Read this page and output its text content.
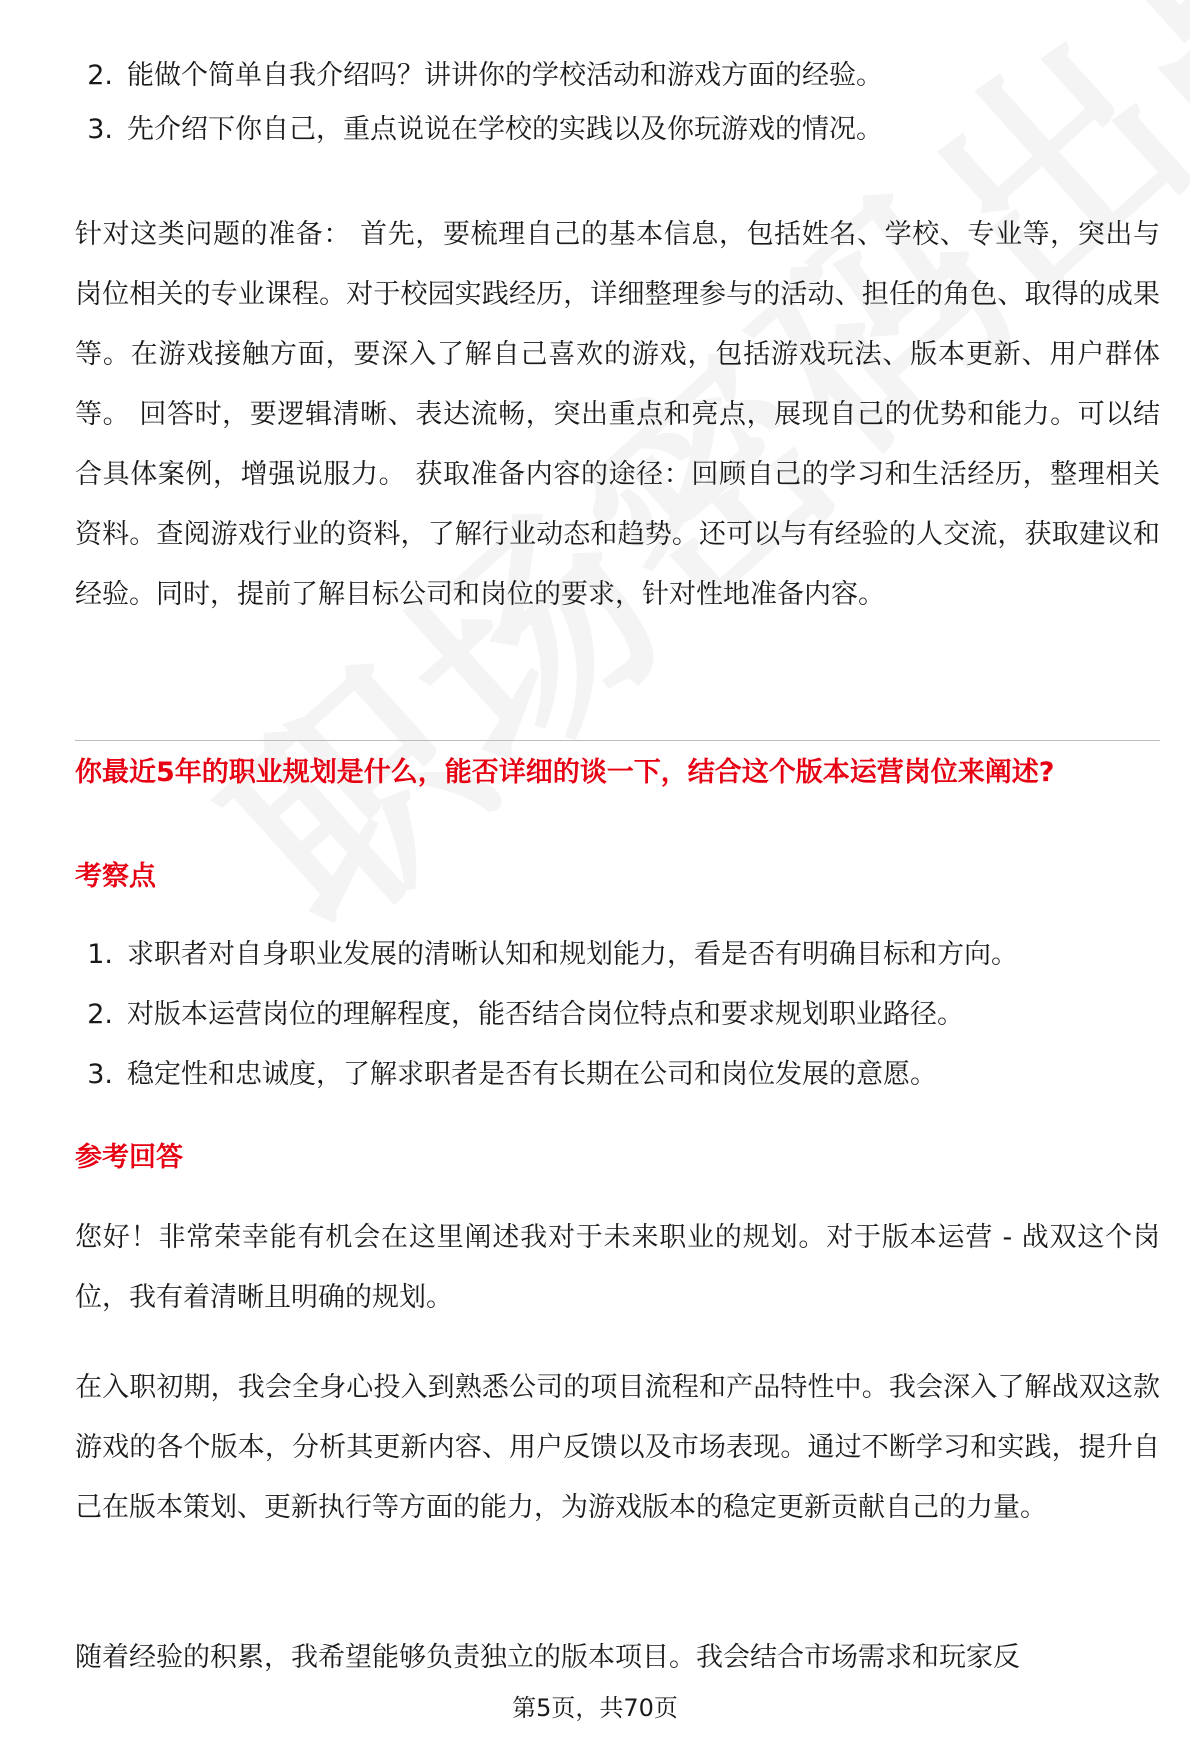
2. 能做个简单自我介绍吗？讲讲你的学校活动和游戏方面的经验。
3. 先介绍下你自己，重点说说在学校的实践以及你玩游戏的情况。
针对这类问题的准备： 首先，要梳理自己的基本信息，包括姓名、学校、专业等，突出与岗位相关的专业课程。对于校园实践经历，详细整理参与的活动、担任的角色、取得的成果等。在游戏接触方面，要深入了解自己喜欢的游戏，包括游戏玩法、版本更新、用户群体等。 回答时，要逻辑清晰、表达流畅，突出重点和亮点，展现自己的优势和能力。可以结合具体案例，增强说服力。 获取准备内容的途径：回顾自己的学习和生活经历，整理相关资料。查阅游戏行业的资料，了解行业动态和趋势。还可以与有经验的人交流，获取建议和经验。同时，提前了解目标公司和岗位的要求，针对性地准备内容。
你最近5年的职业规划是什么，能否详细的谈一下，结合这个版本运营岗位来阐述?
考察点
1. 求职者对自身职业发展的清晰认知和规划能力，看是否有明确目标和方向。
2. 对版本运营岗位的理解程度，能否结合岗位特点和要求规划职业路径。
3. 稳定性和忠诚度，了解求职者是否有长期在公司和岗位发展的意愿。
参考回答
您好！非常荣幸能有机会在这里阐述我对于未来职业的规划。对于版本运营 - 战双这个岗位，我有着清晰且明确的规划。
在入职初期，我会全身心投入到熟悉公司的项目流程和产品特性中。我会深入了解战双这款游戏的各个版本，分析其更新内容、用户反馈以及市场表现。通过不断学习和实践，提升自己在版本策划、更新执行等方面的能力，为游戏版本的稳定更新贡献自己的力量。
随着经验的积累，我希望能够负责独立的版本项目。我会结合市场需求和玩家反
第5页，共70页
